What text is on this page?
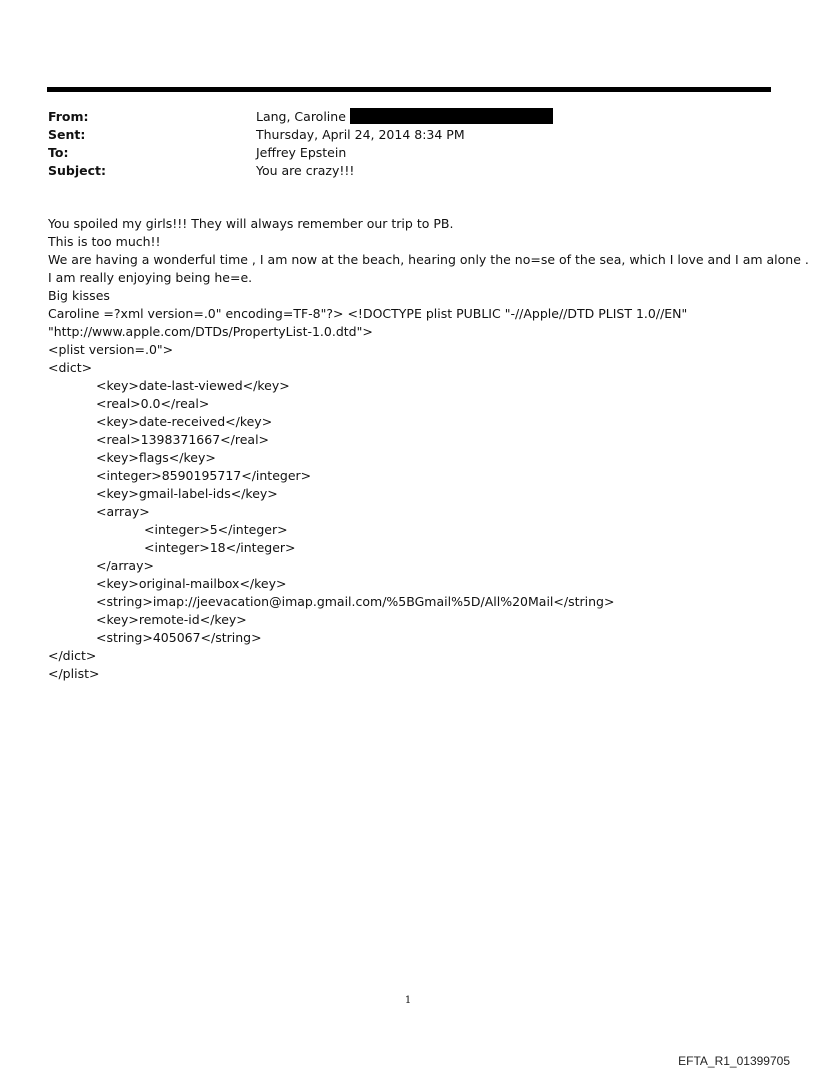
From:	Lang, Caroline
Sent:	Thursday, April 24, 2014 8:34 PM
To:	Jeffrey Epstein
Subject:	You are crazy!!!
You spoiled my girls!!! They will always remember our trip to PB.
This is too much!!
We are having a wonderful time , I am now at the beach, hearing only the no=se of the sea, which I love and I am alone .
I am really enjoying being he=e.
Big kisses
Caroline =?xml version=.0" encoding=TF-8"?> <!DOCTYPE plist PUBLIC "-//Apple//DTD PLIST 1.0//EN"
"http://www.apple.com/DTDs/PropertyList-1.0.dtd">
<plist version=.0">
<dict>
<key>date-last-viewed</key>
<real>0.0</real>
<key>date-received</key>
<real>1398371667</real>
<key>flags</key>
<integer>8590195717</integer>
<key>gmail-label-ids</key>
<array>
<integer>5</integer>
<integer>18</integer>
</array>
<key>original-mailbox</key>
<string>imap://jeevacation@imap.gmail.com/%5BGmail%5D/All%20Mail</string>
<key>remote-id</key>
<string>405067</string>
</dict>
</plist>
1
EFTA_R1_01399705
